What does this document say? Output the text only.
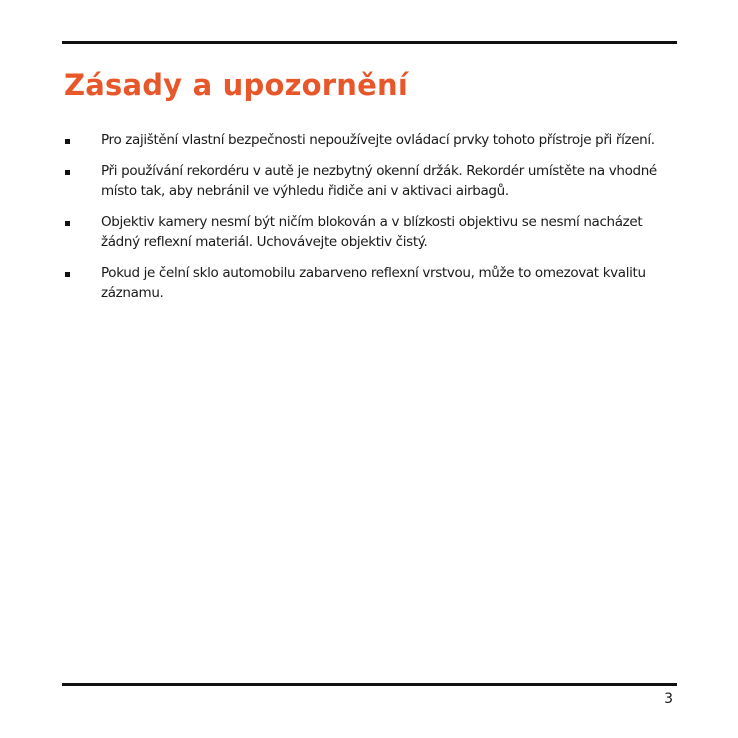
Zásady a upozornění
Pro zajištění vlastní bezpečnosti nepoužívejte ovládací prvky tohoto přístroje při řízení.
Při používání rekordéru v autě je nezbytný okenní držák. Rekordér umístěte na vhodné místo tak, aby nebránil ve výhledu řidiče ani v aktivaci airbagů.
Objektiv kamery nesmí být ničím blokován a v blízkosti objektivu se nesmí nacházet žádný reflexní materiál. Uchovávejte objektiv čistý.
Pokud je čelní sklo automobilu zabarveno reflexní vrstvou, může to omezovat kvalitu záznamu.
3
